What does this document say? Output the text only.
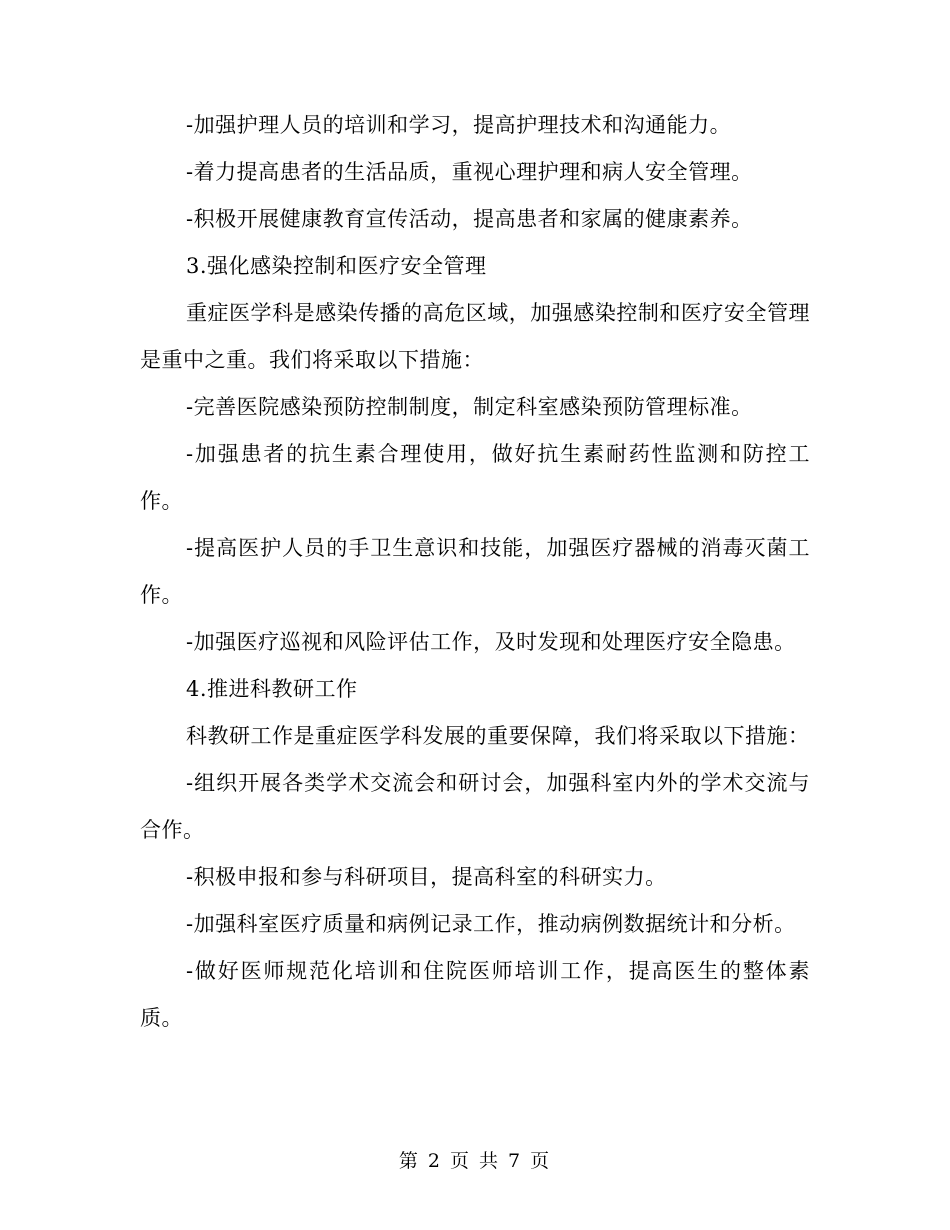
-加强护理人员的培训和学习，提高护理技术和沟通能力。

-着力提高患者的生活品质，重视心理护理和病人安全管理。

-积极开展健康教育宣传活动，提高患者和家属的健康素养。

3.强化感染控制和医疗安全管理

重症医学科是感染传播的高危区域，加强感染控制和医疗安全管理是重中之重。我们将采取以下措施：

-完善医院感染预防控制制度，制定科室感染预防管理标准。

-加强患者的抗生素合理使用，做好抗生素耐药性监测和防控工作。

-提高医护人员的手卫生意识和技能，加强医疗器械的消毒灭菌工作。

-加强医疗巡视和风险评估工作，及时发现和处理医疗安全隐患。

4.推进科教研工作

科教研工作是重症医学科发展的重要保障，我们将采取以下措施：

-组织开展各类学术交流会和研讨会，加强科室内外的学术交流与合作。

-积极申报和参与科研项目，提高科室的科研实力。

-加强科室医疗质量和病例记录工作，推动病例数据统计和分析。

-做好医师规范化培训和住院医师培训工作，提高医生的整体素质。

第 2 页 共 7 页
